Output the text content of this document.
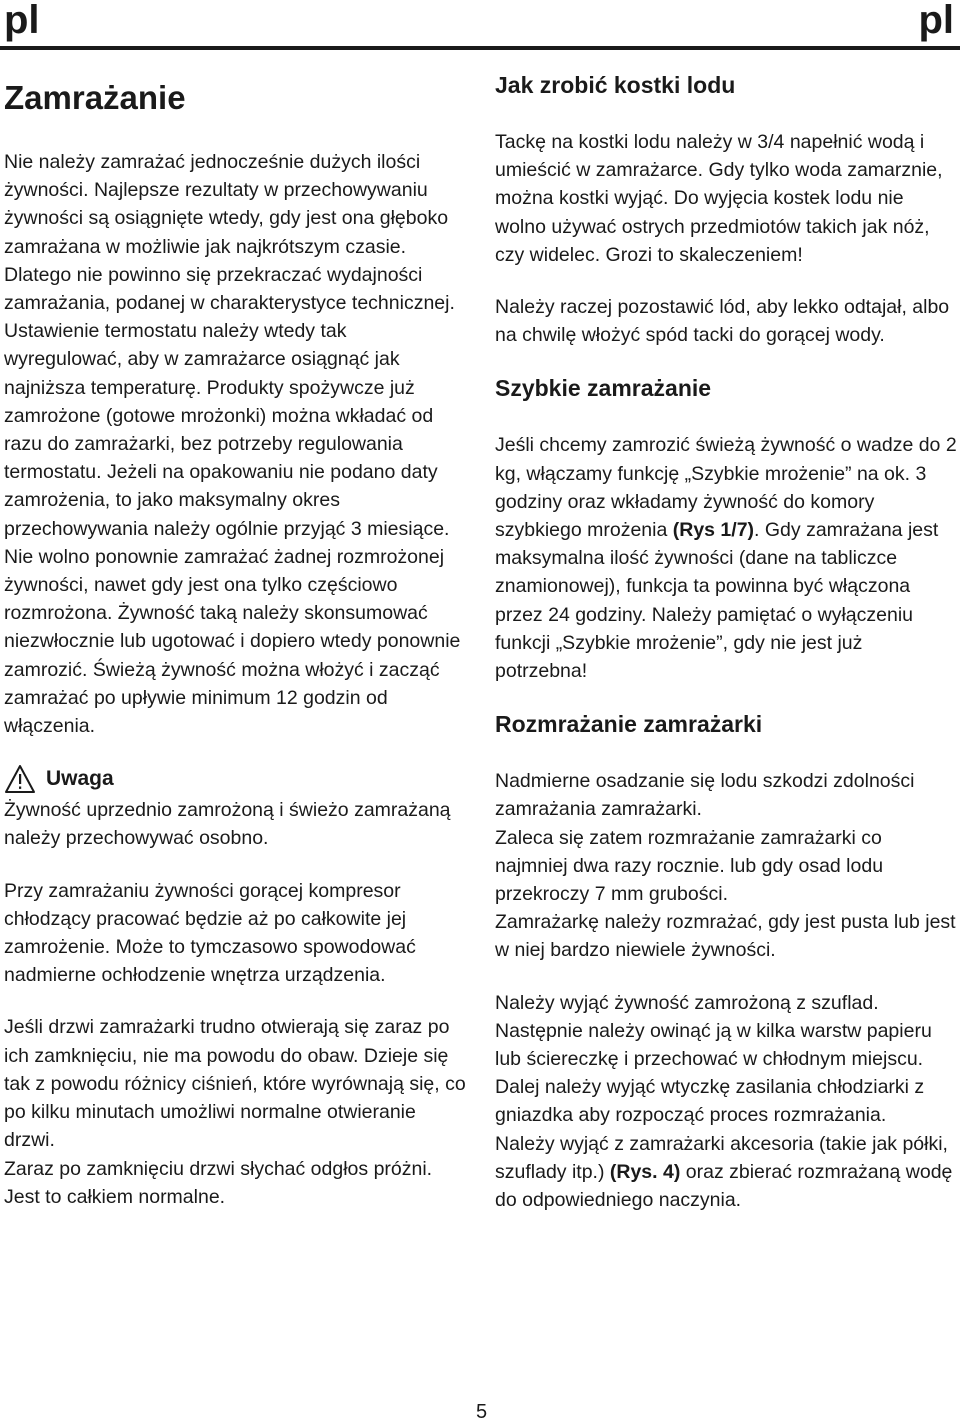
pl	pl
Zamrażanie

Nie należy zamrażać jednocześnie dużych ilości żywności. Najlepsze rezultaty w przechowywaniu żywności są osiągnięte wtedy, gdy jest ona głęboko zamrażana w możliwie jak najkrótszym czasie. Dlatego nie powinno się przekraczać wydajności zamrażania, podanej w charakterystyce technicznej. Ustawienie termostatu należy wtedy tak wyregulować, aby w zamrażarce osiągnąć jak najniższa temperaturę. Produkty spożywcze już zamrożone (gotowe mrożonki) można wkładać od razu do zamrażarki, bez potrzeby regulowania termostatu. Jeżeli na opakowaniu nie podano daty zamrożenia, to jako maksymalny okres przechowywania należy ogólnie przyjąć 3 miesiące. Nie wolno ponownie zamrażać żadnej rozmrożonej żywności, nawet gdy jest ona tylko częściowo rozmrożona. Żywność taką należy skonsumować niezwłocznie lub ugotować i dopiero wtedy ponownie zamrozić. Świeżą żywność można włożyć i zacząć zamrażać po upływie minimum 12 godzin od włączenia.

Uwaga

Żywność uprzednio zamrożoną i świeżo zamrażaną należy przechowywać osobno.

Przy zamrażaniu żywności gorącej kompresor chłodzący pracować będzie aż po całkowite jej zamrożenie. Może to tymczasowo spowodować nadmierne ochłodzenie wnętrza urządzenia.

Jeśli drzwi zamrażarki trudno otwierają się zaraz po ich zamknięciu, nie ma powodu do obaw. Dzieje się tak z powodu różnicy ciśnień, które wyrównają się, co po kilku minutach umożliwi normalne otwieranie drzwi.

Zaraz po zamknięciu drzwi słychać odgłos próżni. Jest to całkiem normalne.

Jak zrobić kostki lodu

Tackę na kostki lodu należy w 3/4 napełnić wodą i umieścić w zamrażarce. Gdy tylko woda zamarznie, można kostki wyjąć. Do wyjęcia kostek lodu nie wolno używać ostrych przedmiotów takich jak nóż, czy widelec. Grozi to skaleczeniem!

Należy raczej pozostawić lód, aby lekko odtajał, albo na chwilę włożyć spód tacki do gorącej wody.

Szybkie zamrażanie

Jeśli chcemy zamrozić świeżą żywność o wadze do 2 kg, włączamy funkcję „Szybkie mrożenie” na ok. 3 godziny oraz wkładamy żywność do komory szybkiego mrożenia (Rys 1/7). Gdy zamrażana jest maksymalna ilość żywności (dane na tabliczce znamionowej), funkcja ta powinna być włączona przez 24 godziny. Należy pamiętać o wyłączeniu funkcji „Szybkie mrożenie”, gdy nie jest już potrzebna!

Rozmrażanie zamrażarki

Nadmierne osadzanie się lodu szkodzi zdolności zamrażania zamrażarki.
Zaleca się zatem rozmrażanie zamrażarki co najmniej dwa razy rocznie. lub gdy osad lodu przekroczy 7 mm grubości.
Zamrażarkę należy rozmrażać, gdy jest pusta lub jest w niej bardzo niewiele żywności.

Należy wyjąć żywność zamrożoną z szuflad. Następnie należy owinąć ją w kilka warstw papieru lub ściereczkę i przechować w chłodnym miejscu.
Dalej należy wyjąć wtyczkę zasilania chłodziarki z gniazdka aby rozpocząć proces rozmrażania.
Należy wyjąć z zamrażarki akcesoria (takie jak półki, szuflady itp.) (Rys. 4) oraz zbierać rozmrażaną wodę do odpowiedniego naczynia.

5
